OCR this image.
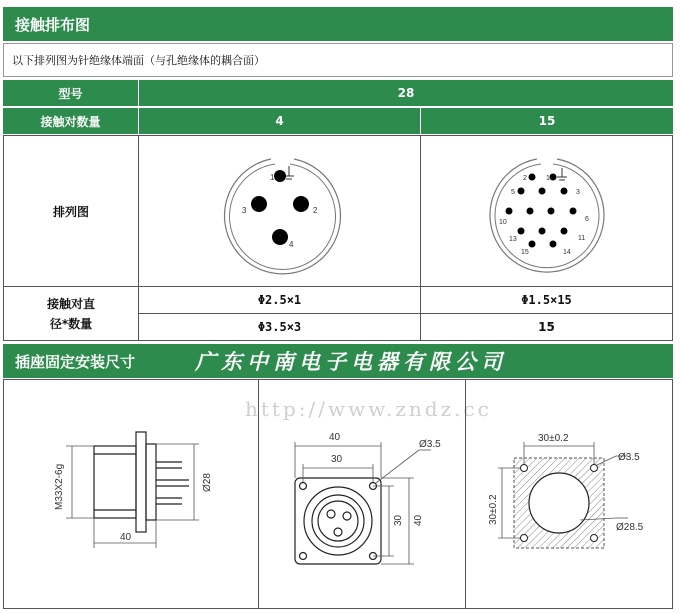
接触排布图
以下排列图为针绝缘体端面（与孔绝缘体的耦合面）
型号	28
接触对数量	4	15
排列图
1
2
3
4
2	1
3
5
6
10
11
13
14
15
接触对直
径*数量
Φ2.5×1	Φ1.5×15
Φ3.5×3	15
插座固定安装尺寸	广东中南电子电器有限公司
http://www.zndz.cc
M33X2-6g	Ø28
40
40
30
Ø3.5
30 40
30±0.2
Ø3.5
30±0.2
Ø28.5
